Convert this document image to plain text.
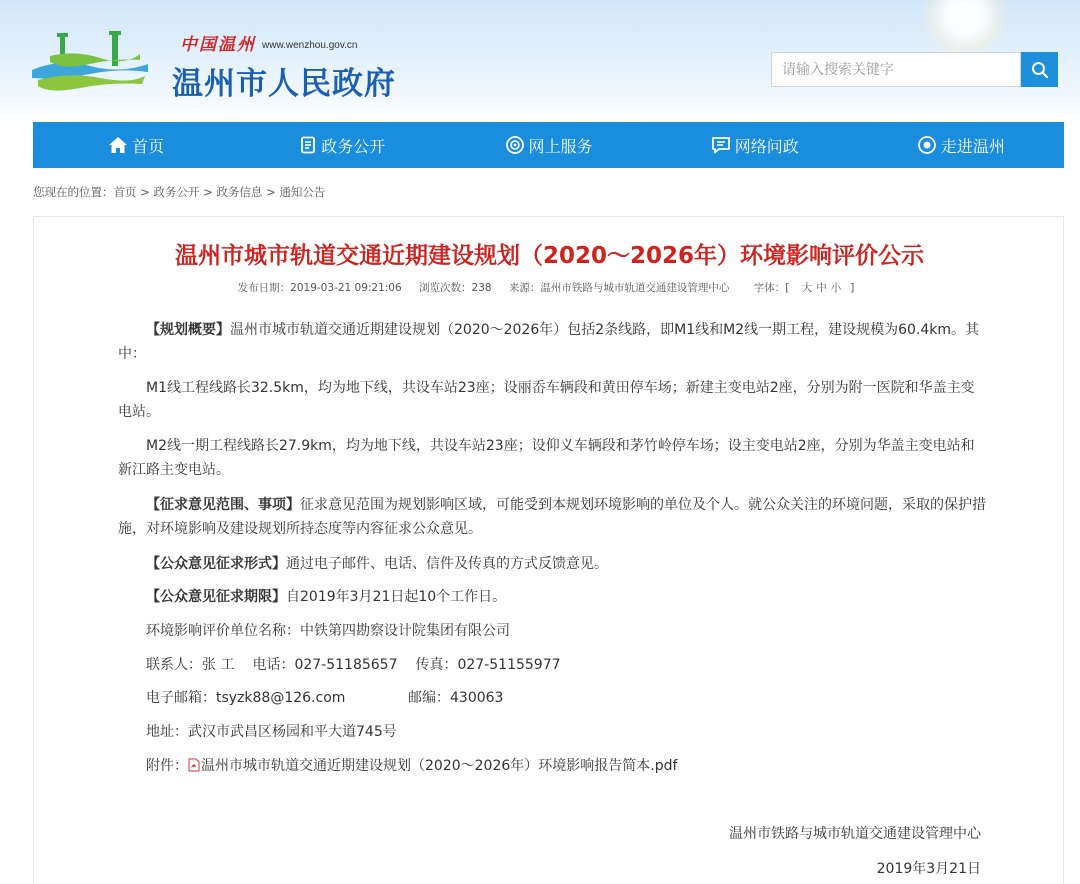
中国温州 www.wenzhou.gov.cn
温州市人民政府
请输入搜索关键字
首页	政务公开	网上服务	网络问政	走进温州
您现在的位置：首页 > 政务公开 > 政务信息 > 通知公告
温州市城市轨道交通近期建设规划（2020～2026年）环境影响评价公示
发布日期：2019-03-21 09:21:06 浏览次数：238 来源：温州市铁路与城市轨道交通建设管理中心 字体：[ 大 中 小 ]
【规划概要】温州市城市轨道交通近期建设规划（2020～2026年）包括2条线路，即M1线和M2线一期工程，建设规模为60.4km。其中：
M1线工程线路长32.5km，均为地下线，共设车站23座；设丽岙车辆段和黄田停车场；新建主变电站2座，分别为附一医院和华盖主变电站。
M2线一期工程线路长27.9km，均为地下线，共设车站23座；设仰义车辆段和茅竹岭停车场；设主变电站2座，分别为华盖主变电站和新江路主变电站。
【征求意见范围、事项】征求意见范围为规划影响区域，可能受到本规划环境影响的单位及个人。就公众关注的环境问题，采取的保护措施，对环境影响及建设规划所持态度等内容征求公众意见。
【公众意见征求形式】通过电子邮件、电话、信件及传真的方式反馈意见。
【公众意见征求期限】自2019年3月21日起10个工作日。
环境影响评价单位名称：中铁第四勘察设计院集团有限公司
联系人：张 工 电话：027-51185657 传真：027-51155977
电子邮箱：tsyzk88@126.com	邮编：430063
地址：武汉市武昌区杨园和平大道745号
附件： 温州市城市轨道交通近期建设规划（2020～2026年）环境影响报告简本.pdf
温州市铁路与城市轨道交通建设管理中心
2019年3月21日
